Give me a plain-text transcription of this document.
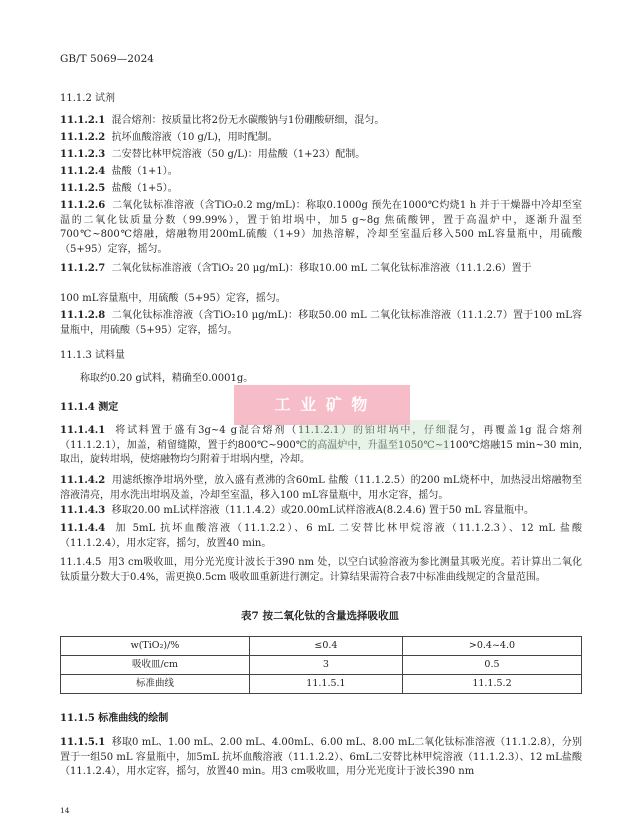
GB/T 5069—2024
11.1.2 试剂
11.1.2.1 混合熔剂：按质量比将2份无水碳酸钠与1份硼酸研细，混匀。
11.1.2.2 抗坏血酸溶液（10 g/L)，用时配制。
11.1.2.3 二安替比林甲烷溶液（50 g/L)：用盐酸（1+23）配制。
11.1.2.4 盐酸（1+1）。
11.1.2.5 盐酸（1+5）。
11.1.2.6 二氧化钛标准溶液（含TiO₂0.2 mg/mL)：称取0.1000g 预先在1000℃灼烧1 h 并于干燥器中冷却至室温的二氧化钛质量分数（99.99%），置于铂坩埚中，加5 g~8g 焦硫酸钾，置于高温炉中，逐渐升温至700℃~800℃熔融，熔融物用200mL硫酸（1+9）加热溶解，冷却至室温后移入500 mL容量瓶中，用硫酸（5+95）定容，摇匀。
11.1.2.7 二氧化钛标准溶液（含TiO₂ 20 μg/mL)：移取10.00 mL 二氧化钛标准溶液（11.1.2.6）置于
100 mL容量瓶中，用硫酸（5+95）定容，摇匀。
11.1.2.8 二氧化钛标准溶液（含TiO₂10 μg/mL)：移取50.00 mL 二氧化钛标准溶液（11.1.2.7）置于100 mL容量瓶中，用硫酸（5+95）定容，摇匀。
11.1.3 试料量
称取约0.20 g试料，精确至0.0001g。
11.1.4 测定
11.1.4.1 将试料置于盛有3g~4 g混合熔剂（11.1.2.1）的铂坩埚中，仔细混匀，再覆盖1g 混合熔剂（11.1.2.1），加盖，稍留缝隙，置于约800℃~900℃的高温炉中，升温至1050℃~1100℃熔融15 min~30 min,取出，旋转坩埚，使熔融物均匀附着于坩埚内壁，冷却。
11.1.4.2 用滤纸擦净坩埚外壁，放入盛有煮沸的含60mL 盐酸（11.1.2.5）的200 mL烧杯中，加热浸出熔融物至溶液清亮，用水洗出坩埚及盖，冷却至室温，移入100 mL容量瓶中，用水定容，摇匀。
11.1.4.3 移取20.00 mL试样溶液（11.1.4.2）或20.00mL试样溶液A(8.2.4.6) 置于50 mL 容量瓶中。
11.1.4.4 加 5mL 抗坏血酸溶液（11.1.2.2）、6 mL 二安替比林甲烷溶液（11.1.2.3）、12 mL 盐酸（11.1.2.4），用水定容，摇匀，放置40 min。
11.1.4.5 用3 cm吸收皿，用分光光度计波长于390 nm 处，以空白试验溶液为参比测量其吸光度。若计算出二氧化钛质量分数大于0.4%，需更换0.5cm 吸收皿重新进行测定。计算结果需符合表7中标准曲线规定的含量范围。
表7 按二氧化钛的含量选择吸收皿
w(TiO₂)/%	≤0.4	>0.4~4.0
吸收皿/cm	3	0.5
标准曲线	11.1.5.1	11.1.5.2
11.1.5 标准曲线的绘制
11.1.5.1 移取0 mL、1.00 mL、2.00 mL、4.00mL、6.00 mL、8.00 mL二氧化钛标准溶液（11.1.2.8），分别置于一组50 mL 容量瓶中，加5mL 抗坏血酸溶液（11.1.2.2）、6mL二安替比林甲烷溶液（11.1.2.3）、12 mL盐酸（11.1.2.4），用水定容，摇匀，放置40 min。用3 cm吸收皿，用分光光度计于波长390 nm
工 业 矿 物
14
